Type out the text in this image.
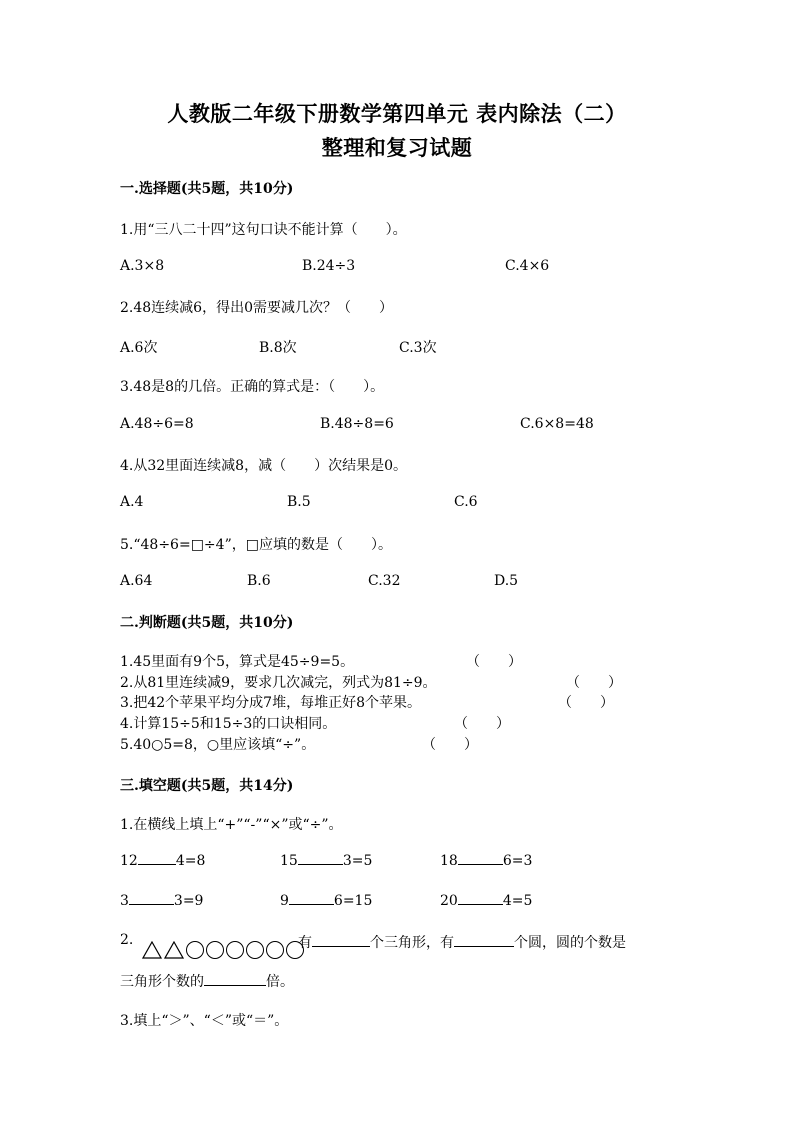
人教版二年级下册数学第四单元 表内除法（二）
整理和复习试题
一.选择题(共5题，共10分)
1.用“三八二十四”这句口诀不能计算（　　）。
A.3×8	B.24÷3	C.4×6
2.48连续减6，得出0需要减几次？（　　）
A.6次	B.8次	C.3次
3.48是8的几倍。正确的算式是：（　　）。
A.48÷6=8	B.48÷8=6	C.6×8=48
4.从32里面连续减8，减（　　）次结果是0。
A.4	B.5	C.6
5.“48÷6=□÷4”，□应填的数是（　　）。
A.64	B.6	C.32	D.5
二.判断题(共5题，共10分)
1.45里面有9个5，算式是45÷9=5。	（　　）
2.从81里连续减9，要求几次减完，列式为81÷9。	（　　）
3.把42个苹果平均分成7堆，每堆正好8个苹果。	（　　）
4.计算15÷5和15÷3的口诀相同。	（　　）
5.40○5=8，○里应该填“÷”。	（　　）
三.填空题(共5题，共14分)
1.在横线上填上“+”“-”“×”或“÷”。
12	4=8	15	3=5	18	6=3
3	3=9	9	6=15	20	4=5
2.	有	个三角形，有	个圆，圆的个数是
三角形个数的	倍。
3.填上“＞”、“＜”或“＝”。
